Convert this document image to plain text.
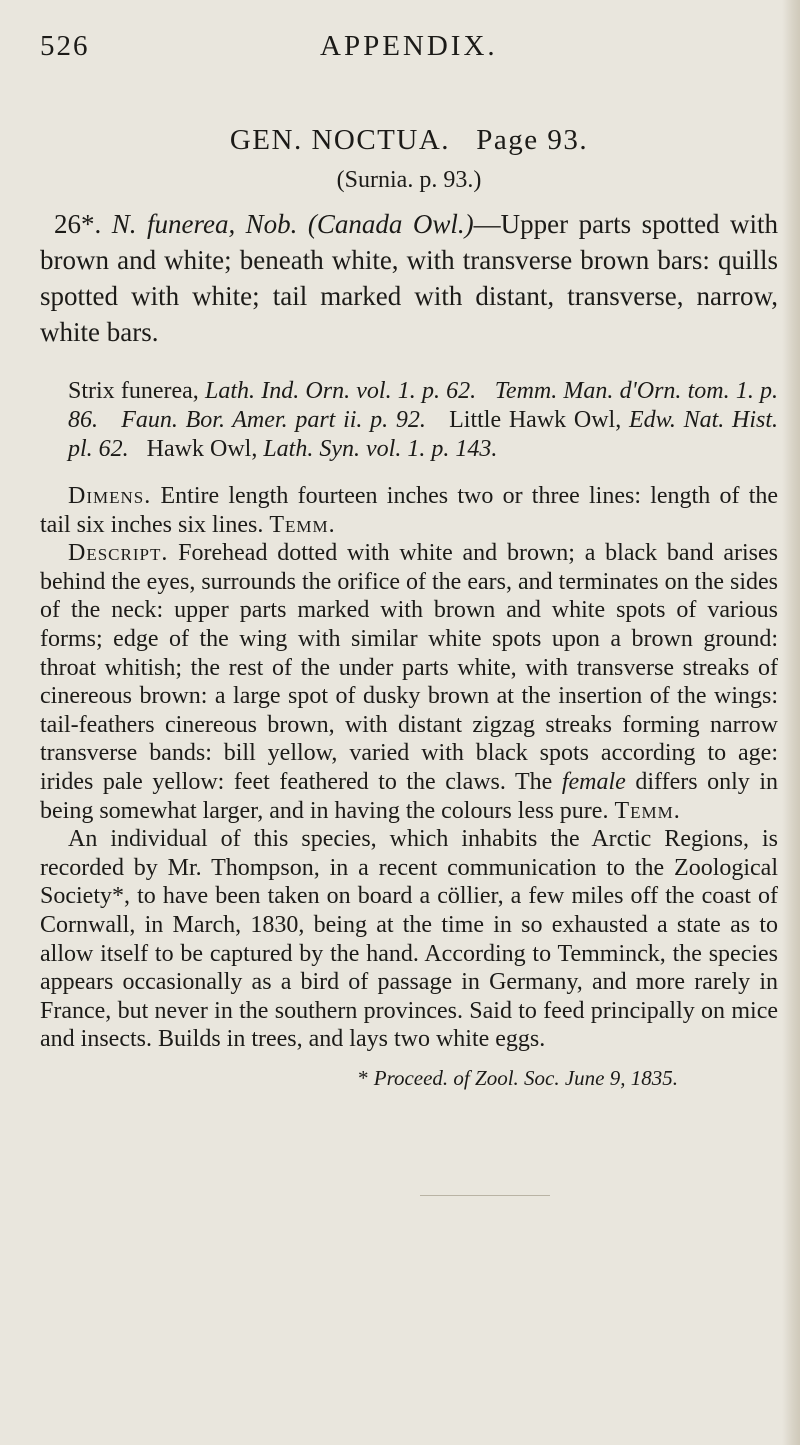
526	APPENDIX.
GEN. NOCTUA.   Page 93.
(Surnia. p. 93.)

26*. N. funerea, Nob. (Canada Owl.)—Upper parts spotted with brown and white; beneath white, with transverse brown bars: quills spotted with white; tail marked with distant, transverse, narrow, white bars.

Strix funerea, Lath. Ind. Orn. vol. 1. p. 62. Temm. Man. d'Orn. tom. 1. p. 86. Faun. Bor. Amer. part ii. p. 92. Little Hawk Owl, Edw. Nat. Hist. pl. 62. Hawk Owl, Lath. Syn. vol. 1. p. 143.

Dimens. Entire length fourteen inches two or three lines: length of the tail six inches six lines. Temm.

Descript. Forehead dotted with white and brown; a black band arises behind the eyes, surrounds the orifice of the ears, and terminates on the sides of the neck: upper parts marked with brown and white spots of various forms; edge of the wing with similar white spots upon a brown ground: throat whitish; the rest of the under parts white, with transverse streaks of cinereous brown: a large spot of dusky brown at the insertion of the wings: tail-feathers cinereous brown, with distant zigzag streaks forming narrow transverse bands: bill yellow, varied with black spots according to age: irides pale yellow: feet feathered to the claws. The female differs only in being somewhat larger, and in having the colours less pure. Temm.

An individual of this species, which inhabits the Arctic Regions, is recorded by Mr. Thompson, in a recent communication to the Zoological Society*, to have been taken on board a cöllier, a few miles off the coast of Cornwall, in March, 1830, being at the time in so exhausted a state as to allow itself to be captured by the hand. According to Temminck, the species appears occasionally as a bird of passage in Germany, and more rarely in France, but never in the southern provinces. Said to feed principally on mice and insects. Builds in trees, and lays two white eggs.

* Proceed. of Zool. Soc. June 9, 1835.
